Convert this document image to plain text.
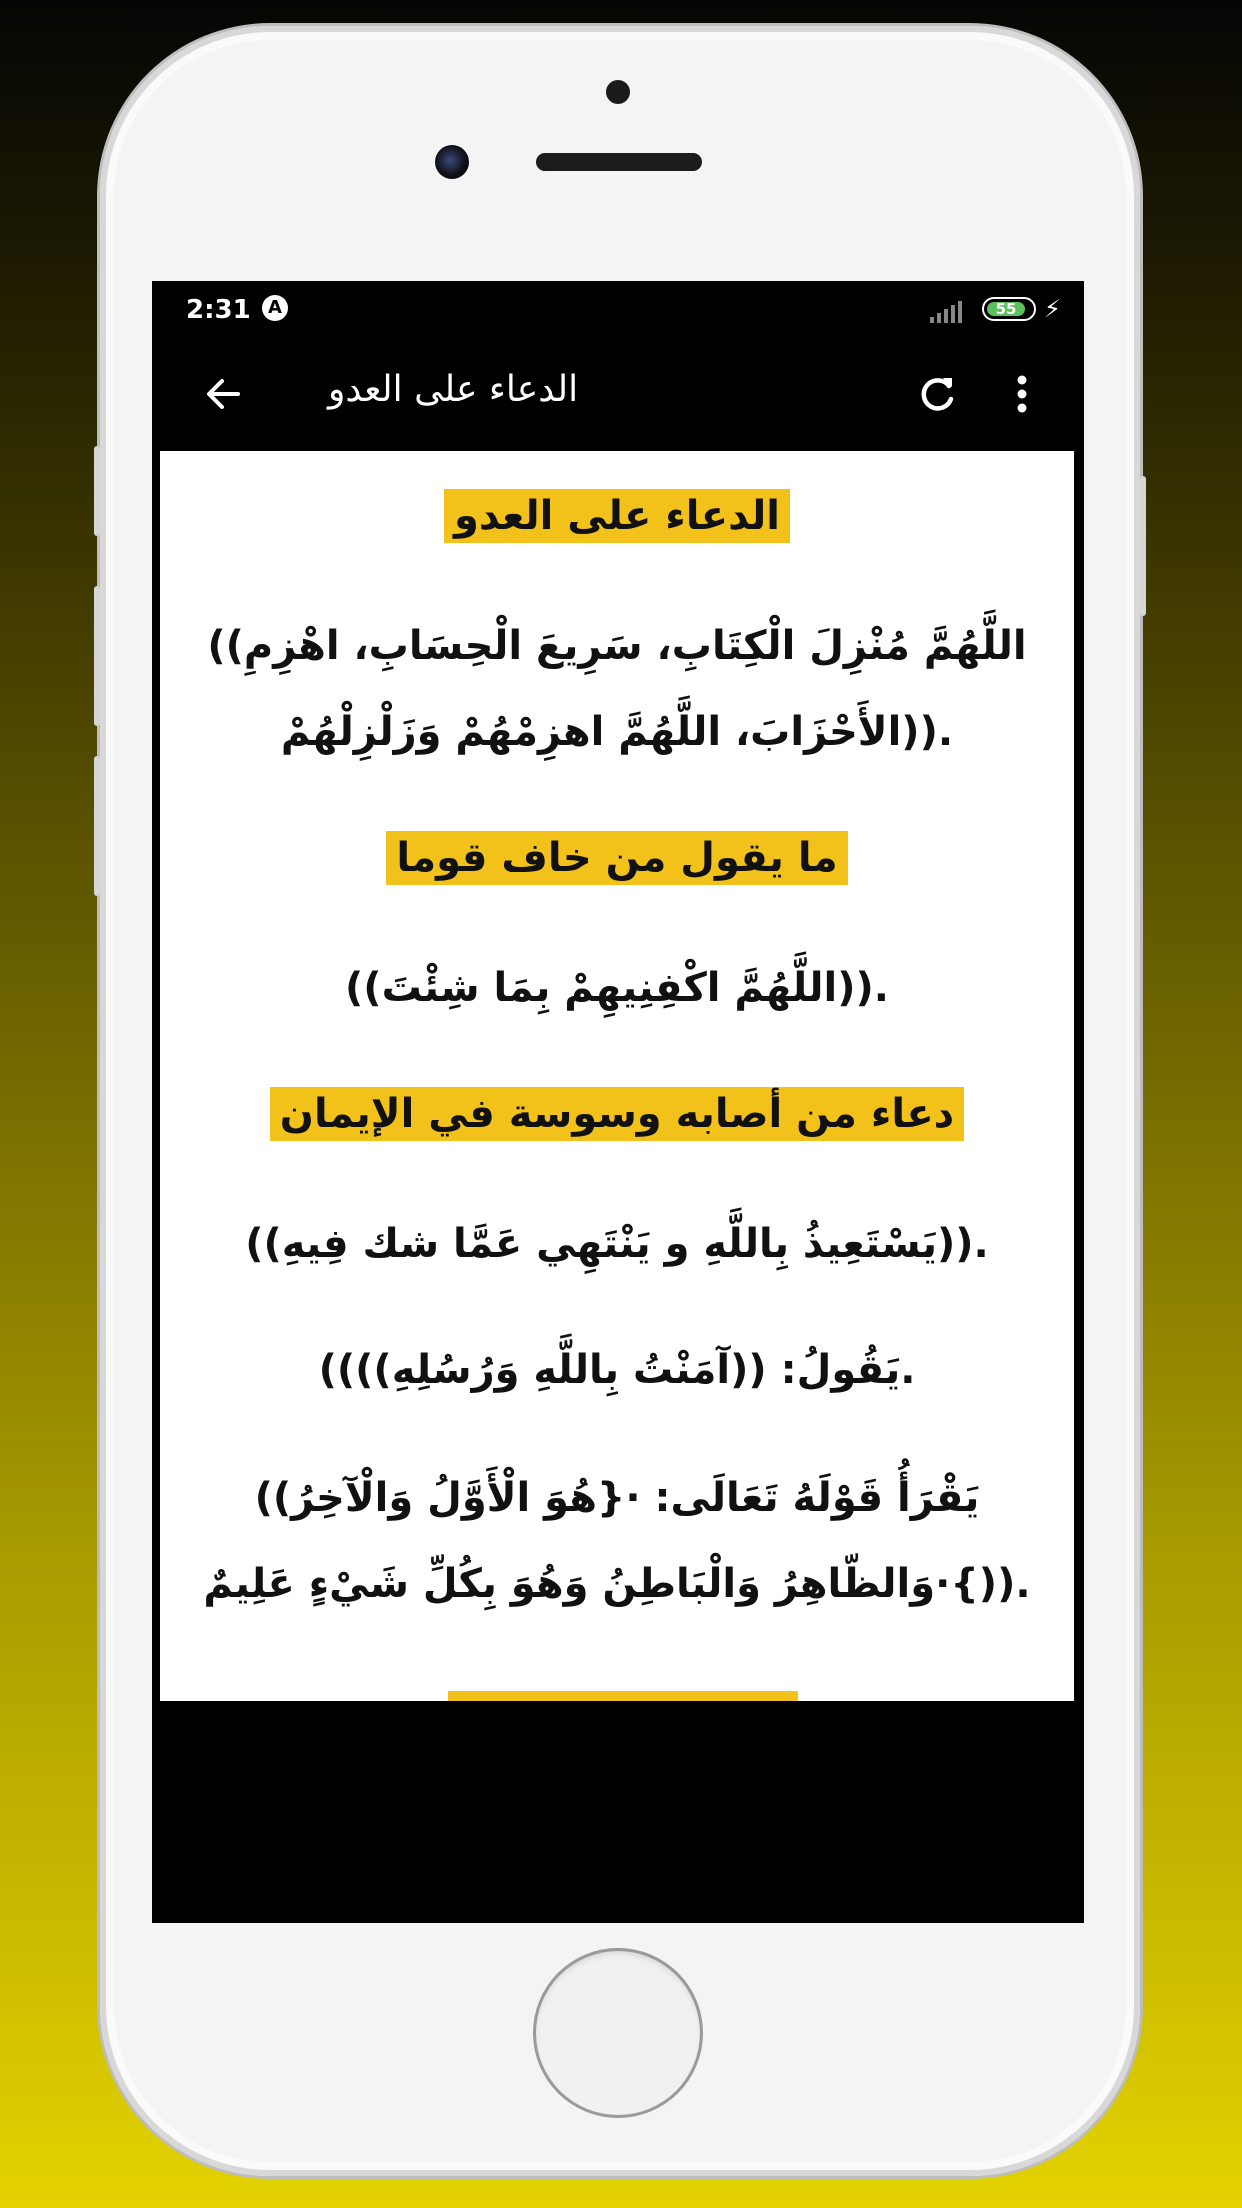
2:31 A	55	⚡
الدعاء على العدو
الدعاء على العدو
اللَّهُمَّ مُنْزِلَ الْكِتَابِ، سَرِيعَ الْحِسَابِ، اهْزِمِ))
.((الأَحْزَابَ، اللَّهُمَّ اهزِمْهُمْ وَزَلْزِلْهُمْ
ما يقول من خاف قوما
.((اللَّهُمَّ اكْفِنِيهِمْ بِمَا شِئْتَ))
دعاء من أصابه وسوسة في الإيمان
.((يَسْتَعِيذُ بِاللَّهِ و يَنْتَهِي عَمَّا شك فِيهِ))
.يَقُولُ: ((آمَنْتُ بِاللَّهِ وَرُسُلِهِ))))
يَقْرَأُ قَوْلَهُ تَعَالَى: ·{هُوَ الْأَوَّلُ وَالْآخِرُ))
.((}·وَالظّاهِرُ وَالْبَاطِنُ وَهُوَ بِكُلِّ شَيْءٍ عَلِيمٌ
